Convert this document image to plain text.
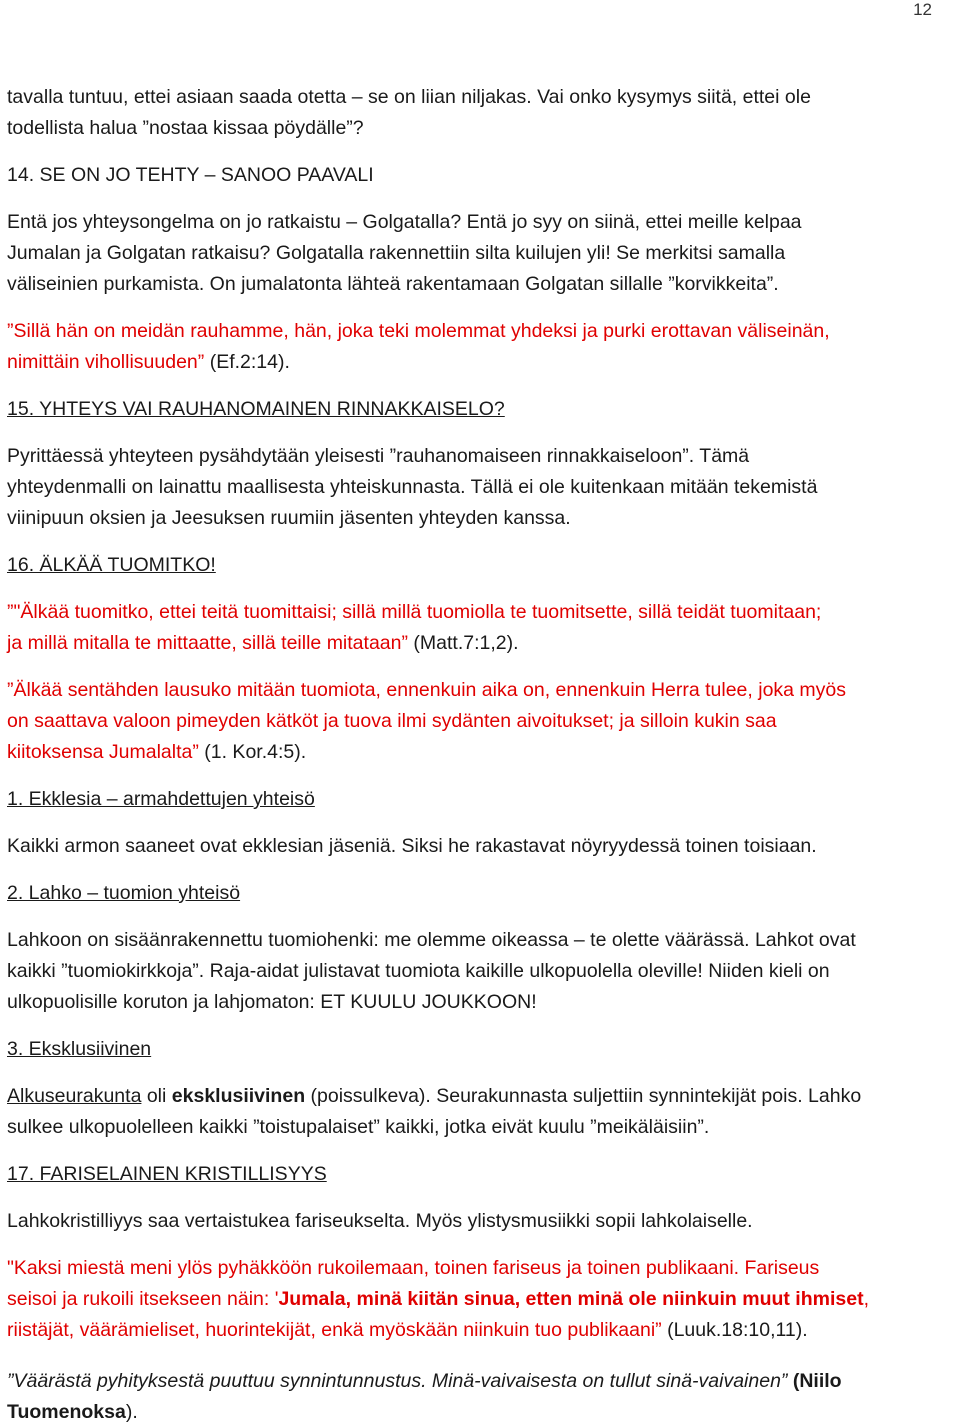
12

tavalla tuntuu, ettei asiaan saada otetta – se on liian niljakas. Vai onko kysymys siitä, ettei ole

todellista halua ”nostaa kissaa pöydälle”?

14. SE ON JO TEHTY – SANOO PAAVALI

Entä jos yhteysongelma on jo ratkaistu – Golgatalla? Entä jo syy on siinä, ettei meille kelpaa

Jumalan ja Golgatan ratkaisu? Golgatalla rakennettiin silta kuilujen yli! Se merkitsi samalla

väliseinien purkamista. On jumalatonta lähteä rakentamaan Golgatan sillalle ”korvikkeita”.

”Sillä hän on meidän rauhamme, hän, joka teki molemmat yhdeksi ja purki erottavan väliseinän,

nimittäin vihollisuuden” (Ef.2:14).

15. YHTEYS VAI RAUHANOMAINEN RINNAKKAISELO?

Pyrittäessä yhteyteen pysähdytään yleisesti ”rauhanomaiseen rinnakkaiseloon”. Tämä

yhteydenmalli on lainattu maallisesta yhteiskunnasta. Tällä ei ole kuitenkaan mitään tekemistä

viinipuun oksien ja Jeesuksen ruumiin jäsenten yhteyden kanssa.

16. ÄLKÄÄ TUOMITKO!

”"Älkää tuomitko, ettei teitä tuomittaisi; sillä millä tuomiolla te tuomitsette, sillä teidät tuomitaan;

ja millä mitalla te mittaatte, sillä teille mitataan” (Matt.7:1,2).

”Älkää sentähden lausuko mitään tuomiota, ennenkuin aika on, ennenkuin Herra tulee, joka myös

on saattava valoon pimeyden kätköt ja tuova ilmi sydänten aivoitukset; ja silloin kukin saa

kiitoksensa Jumalalta” (1. Kor.4:5).

1. Ekklesia – armahdettujen yhteisö

Kaikki armon saaneet ovat ekklesian jäseniä. Siksi he rakastavat nöyryydessä toinen toisiaan.

2. Lahko – tuomion yhteisö

Lahkoon on sisäänrakennettu tuomiohenki: me olemme oikeassa – te olette väärässä. Lahkot ovat

kaikki ”tuomiokirkkoja”. Raja-aidat julistavat tuomiota kaikille ulkopuolella oleville! Niiden kieli on

ulkopuolisille koruton ja lahjomaton: ET KUULU JOUKKOON!

3. Eksklusiivinen

Alkuseurakunta oli eksklusiivinen (poissulkeva). Seurakunnasta suljettiin synnintekijät pois. Lahko

sulkee ulkopuolelleen kaikki ”toistupalaiset” kaikki, jotka eivät kuulu ”meikäläisiin”.

17. FARISELAINEN KRISTILLISYYS

Lahkokristilliyys saa vertaistukea fariseukselta. Myös ylistysmusiikki sopii lahkolaiselle.

"Kaksi miestä meni ylös pyhäkköön rukoilemaan, toinen fariseus ja toinen publikaani. Fariseus

seisoi ja rukoili itsekseen näin: 'Jumala, minä kiitän sinua, etten minä ole niinkuin muut ihmiset,

riistäjät, väärämieliset, huorintekijät, enkä myöskään niinkuin tuo publikaani” (Luuk.18:10,11).

”Väärästä pyhityksestä puuttuu synnintunnustus. Minä-vaivaisesta on tullut sinä-vaivainen” (Niilo

Tuomenoksa).
